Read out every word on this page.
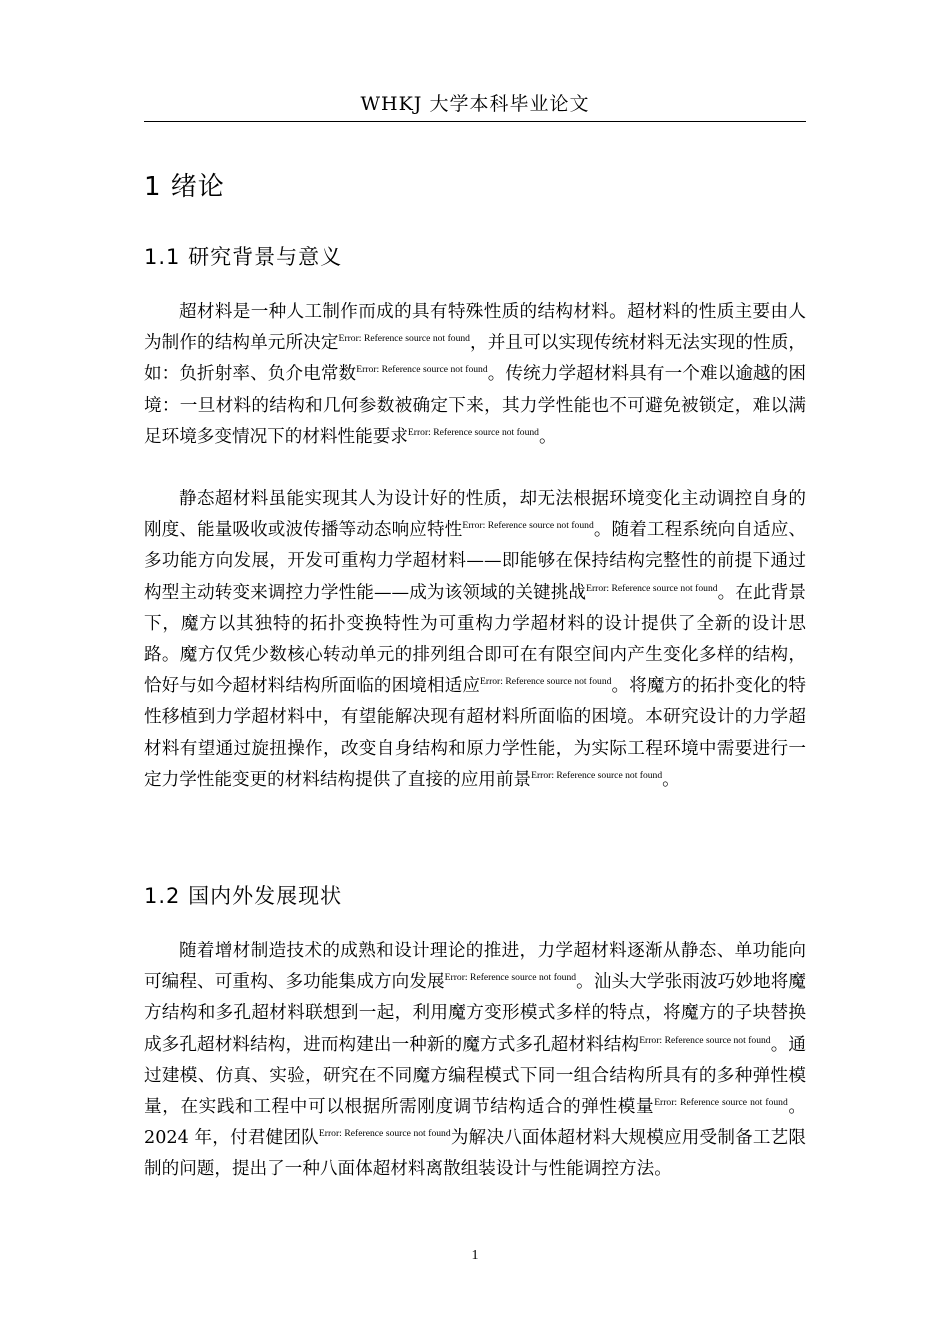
WHKJ 大学本科毕业论文
1 绪论
1.1 研究背景与意义

超材料是一种人工制作而成的具有特殊性质的结构材料。超材料的性质主要由人为制作的结构单元所决定$^{Error: Reference source not found}$，并且可以实现传统材料无法实现的性质，如：负折射率、负介电常数$^{Error: Reference source not found}$。传统力学超材料具有一个难以逾越的困境：一旦材料的结构和几何参数被确定下来，其力学性能也不可避免被锁定，难以满足环境多变情况下的材料性能要求$^{Error: Reference source not found}$。

静态超材料虽能实现其人为设计好的性质，却无法根据环境变化主动调控自身的刚度、能量吸收或波传播等动态响应特性$^{Error: Reference source not found}$。随着工程系统向自适应、多功能方向发展，开发可重构力学超材料——即能够在保持结构完整性的前提下通过构型主动转变来调控力学性能——成为该领域的关键挑战$^{Error: Reference source not found}$。在此背景下，魔方以其独特的拓扑变换特性为可重构力学超材料的设计提供了全新的设计思路。魔方仅凭少数核心转动单元的排列组合即可在有限空间内产生变化多样的结构，恰好与如今超材料结构所面临的困境相适应$^{Error: Reference source not found}$。将魔方的拓扑变化的特性移植到力学超材料中，有望能解决现有超材料所面临的困境。本研究设计的力学超材料有望通过旋扭操作，改变自身结构和原力学性能，为实际工程环境中需要进行一定力学性能变更的材料结构提供了直接的应用前景$^{Error: Reference source not found}$。

1.2 国内外发展现状

随着增材制造技术的成熟和设计理论的推进，力学超材料逐渐从静态、单功能向可编程、可重构、多功能集成方向发展$^{Error: Reference source not found}$。汕头大学张雨波巧妙地将魔方结构和多孔超材料联想到一起，利用魔方变形模式多样的特点，将魔方的子块替换成多孔超材料结构，进而构建出一种新的魔方式多孔超材料结构$^{Error: Reference source not found}$。通过建模、仿真、实验，研究在不同魔方编程模式下同一组合结构所具有的多种弹性模量，在实践和工程中可以根据所需刚度调节结构适合的弹性模量$^{Error: Reference source not found}$。2024 年，付君健团队$^{Error: Reference source not found}$为解决八面体超材料大规模应用受制备工艺限制的问题，提出了一种八面体超材料离散组装设计与性能调控方法。

1
